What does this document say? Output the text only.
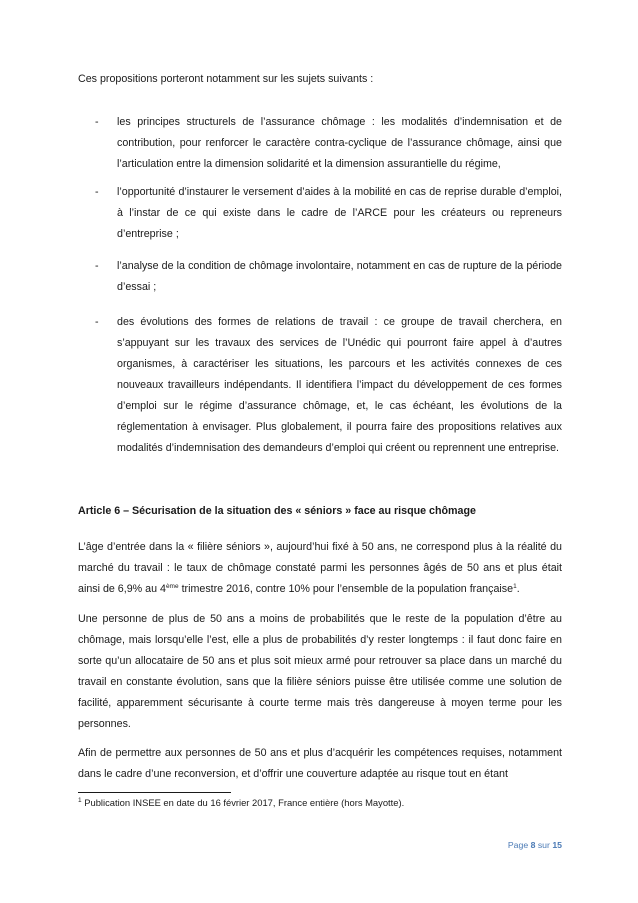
Ces propositions porteront notamment sur les sujets suivants :

- les principes structurels de l’assurance chômage : les modalités d’indemnisation et de contribution, pour renforcer le caractère contra-cyclique de l’assurance chômage, ainsi que l’articulation entre la dimension solidarité et la dimension assurantielle du régime,
- l’opportunité d’instaurer le versement d’aides à la mobilité en cas de reprise durable d’emploi, à l’instar de ce qui existe dans le cadre de l’ARCE pour les créateurs ou repreneurs d’entreprise ;
- l’analyse de la condition de chômage involontaire, notamment en cas de rupture de la période d’essai ;
- des évolutions des formes de relations de travail : ce groupe de travail cherchera, en s’appuyant sur les travaux des services de l’Unédic qui pourront faire appel à d’autres organismes, à caractériser les situations, les parcours et les activités connexes de ces nouveaux travailleurs indépendants. Il identifiera l’impact du développement de ces formes d’emploi sur le régime d’assurance chômage, et, le cas échéant, les évolutions de la réglementation à envisager. Plus globalement, il pourra faire des propositions relatives aux modalités d’indemnisation des demandeurs d’emploi qui créent ou reprennent une entreprise.

Article 6 – Sécurisation de la situation des « séniors » face au risque chômage

L’âge d’entrée dans la « filière séniors », aujourd’hui fixé à 50 ans, ne correspond plus à la réalité du marché du travail : le taux de chômage constaté parmi les personnes âgés de 50 ans et plus était ainsi de 6,9% au 4ème trimestre 2016, contre 10% pour l’ensemble de la population française$^1$.

Une personne de plus de 50 ans a moins de probabilités que le reste de la population d’être au chômage, mais lorsqu’elle l’est, elle a plus de probabilités d’y rester longtemps : il faut donc faire en sorte qu’un allocataire de 50 ans et plus soit mieux armé pour retrouver sa place dans un marché du travail en constante évolution, sans que la filière séniors puisse être utilisée comme une solution de facilité, apparemment sécurisante à courte terme mais très dangereuse à moyen terme pour les personnes.

Afin de permettre aux personnes de 50 ans et plus d’acquérir les compétences requises, notamment dans le cadre d’une reconversion, et d’offrir une couverture adaptée au risque tout en étant

$^1$ Publication INSEE en date du 16 février 2017, France entière (hors Mayotte).

Page 8 sur 15
